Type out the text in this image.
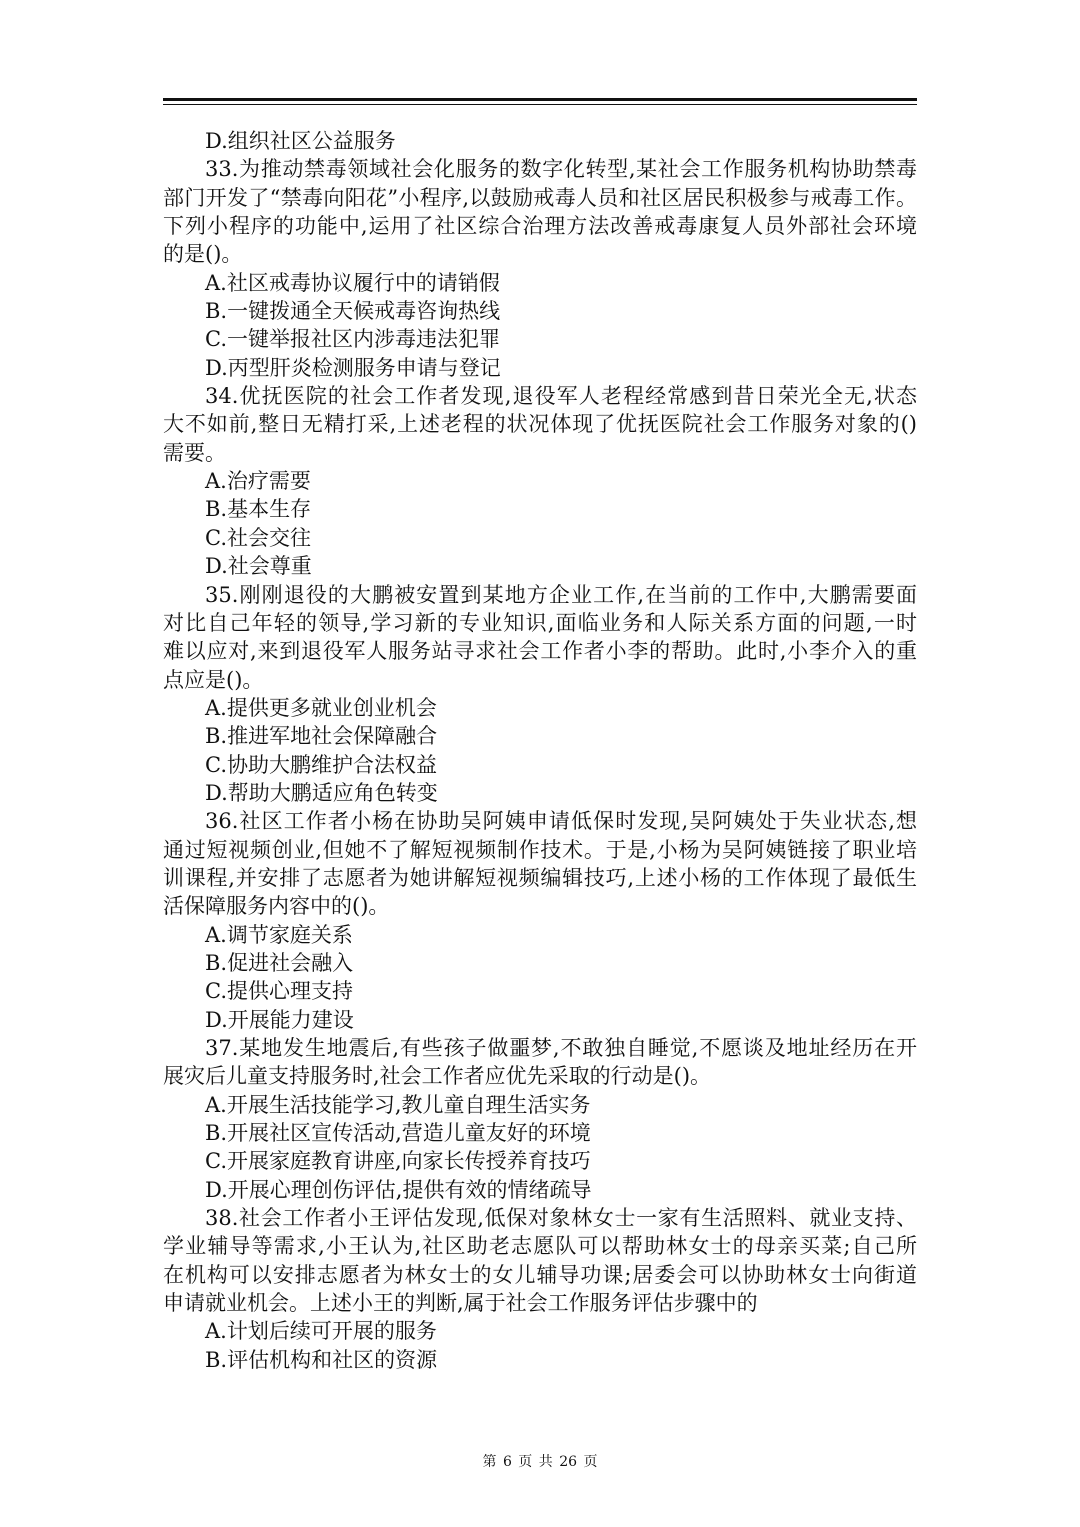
D.组织社区公益服务
33.为推动禁毒领域社会化服务的数字化转型,某社会工作服务机构协助禁毒
部门开发了“禁毒向阳花”小程序,以鼓励戒毒人员和社区居民积极参与戒毒工作。
下列小程序的功能中,运用了社区综合治理方法改善戒毒康复人员外部社会环境
的是()。
A.社区戒毒协议履行中的请销假
B.一键拨通全天候戒毒咨询热线
C.一键举报社区内涉毒违法犯罪
D.丙型肝炎检测服务申请与登记
34.优抚医院的社会工作者发现,退役军人老程经常感到昔日荣光全无,状态
大不如前,整日无精打采,上述老程的状况体现了优抚医院社会工作服务对象的()
需要。
A.治疗需要
B.基本生存
C.社会交往
D.社会尊重
35.刚刚退役的大鹏被安置到某地方企业工作,在当前的工作中,大鹏需要面
对比自己年轻的领导,学习新的专业知识,面临业务和人际关系方面的问题,一时
难以应对,来到退役军人服务站寻求社会工作者小李的帮助。此时,小李介入的重
点应是()。
A.提供更多就业创业机会
B.推进军地社会保障融合
C.协助大鹏维护合法权益
D.帮助大鹏适应角色转变
36.社区工作者小杨在协助吴阿姨申请低保时发现,吴阿姨处于失业状态,想
通过短视频创业,但她不了解短视频制作技术。于是,小杨为吴阿姨链接了职业培
训课程,并安排了志愿者为她讲解短视频编辑技巧,上述小杨的工作体现了最低生
活保障服务内容中的()。
A.调节家庭关系
B.促进社会融入
C.提供心理支持
D.开展能力建设
37.某地发生地震后,有些孩子做噩梦,不敢独自睡觉,不愿谈及地址经历在开
展灾后儿童支持服务时,社会工作者应优先采取的行动是()。
A.开展生活技能学习,教儿童自理生活实务
B.开展社区宣传活动,营造儿童友好的环境
C.开展家庭教育讲座,向家长传授养育技巧
D.开展心理创伤评估,提供有效的情绪疏导
38.社会工作者小王评估发现,低保对象林女士一家有生活照料、就业支持、
学业辅导等需求,小王认为,社区助老志愿队可以帮助林女士的母亲买菜;自己所
在机构可以安排志愿者为林女士的女儿辅导功课;居委会可以协助林女士向街道
申请就业机会。上述小王的判断,属于社会工作服务评估步骤中的
A.计划后续可开展的服务
B.评估机构和社区的资源
第 6 页 共 26 页
